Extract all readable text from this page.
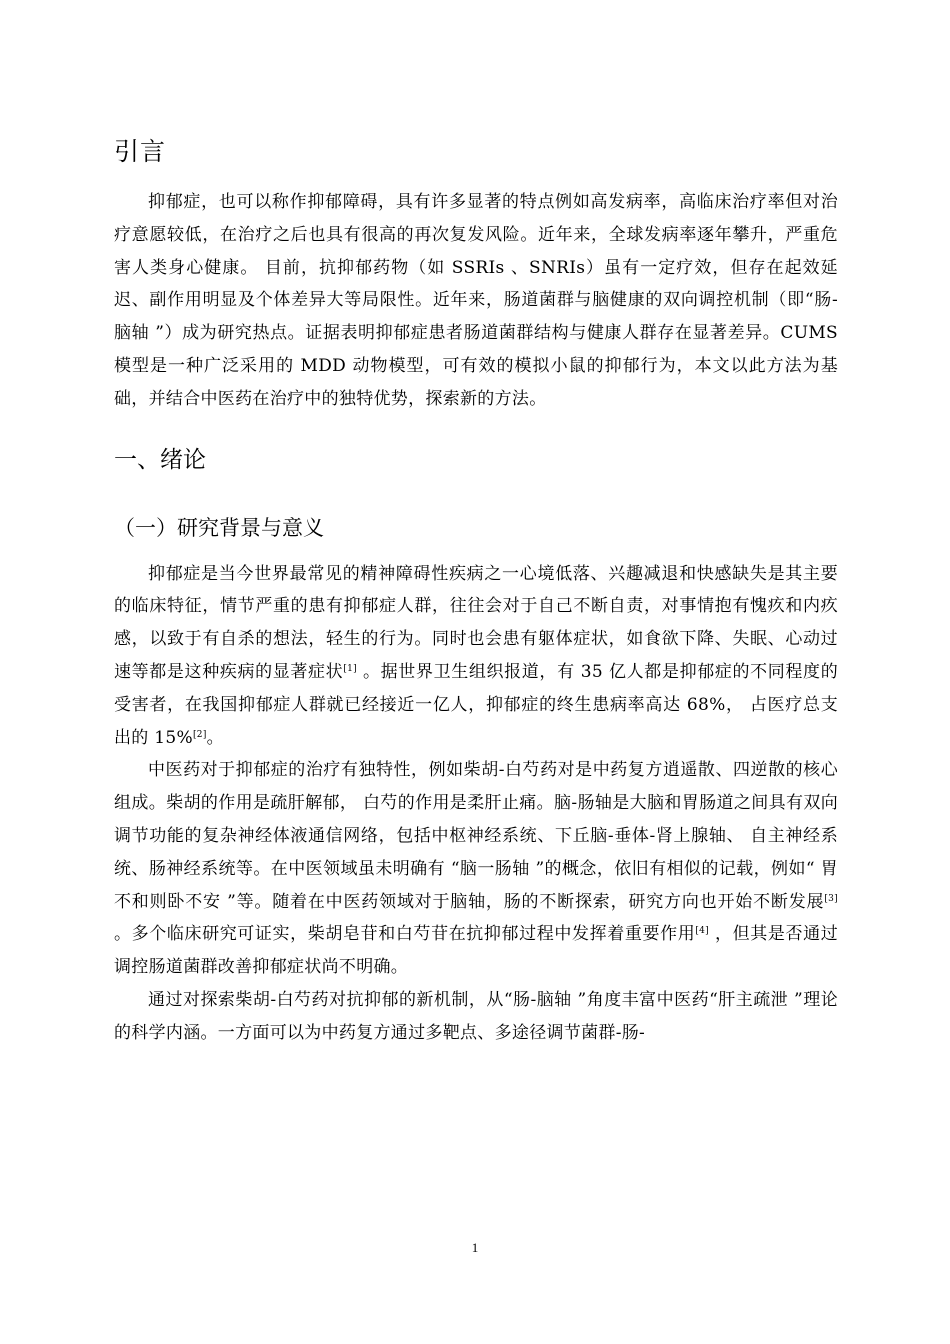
引言

抑郁症，也可以称作抑郁障碍，具有许多显著的特点例如高发病率，高临床治疗率但对治疗意愿较低，在治疗之后也具有很高的再次复发风险。近年来，全球发病率逐年攀升，严重危害人类身心健康。 目前，抗抑郁药物（如 SSRIs 、SNRIs）虽有一定疗效，但存在起效延迟、副作用明显及个体差异大等局限性。近年来，肠道菌群与脑健康的双向调控机制（即“肠-脑轴 ”）成为研究热点。证据表明抑郁症患者肠道菌群结构与健康人群存在显著差异。CUMS 模型是一种广泛采用的 MDD 动物模型，可有效的模拟小鼠的抑郁行为，本文以此方法为基础，并结合中医药在治疗中的独特优势，探索新的方法。

一、绪论
（一）研究背景与意义

抑郁症是当今世界最常见的精神障碍性疾病之一心境低落、兴趣减退和快感缺失是其主要的临床特征，情节严重的患有抑郁症人群，往往会对于自己不断自责，对事情抱有愧疚和内疚感，以致于有自杀的想法，轻生的行为。同时也会患有躯体症状，如食欲下降、失眠、心动过速等都是这种疾病的显著症状[1] 。据世界卫生组织报道，有 35 亿人都是抑郁症的不同程度的受害者，在我国抑郁症人群就已经接近一亿人，抑郁症的终生患病率高达 68%， 占医疗总支出的 15%[2]。

中医药对于抑郁症的治疗有独特性，例如柴胡-白芍药对是中药复方逍遥散、四逆散的核心组成。柴胡的作用是疏肝解郁， 白芍的作用是柔肝止痛。脑-肠轴是大脑和胃肠道之间具有双向调节功能的复杂神经体液通信网络，包括中枢神经系统、下丘脑-垂体-肾上腺轴、 自主神经系统、肠神经系统等。在中医领域虽未明确有 “脑一肠轴 ”的概念，依旧有相似的记载，例如“ 胃不和则卧不安 ”等。随着在中医药领域对于脑轴，肠的不断探索，研究方向也开始不断发展[3] 。多个临床研究可证实，柴胡皂苷和白芍苷在抗抑郁过程中发挥着重要作用[4] ，但其是否通过调控肠道菌群改善抑郁症状尚不明确。

通过对探索柴胡-白芍药对抗抑郁的新机制，从“肠-脑轴 ”角度丰富中医药“肝主疏泄 ”理论的科学内涵。一方面可以为中药复方通过多靶点、多途径调节菌群-肠-

1
